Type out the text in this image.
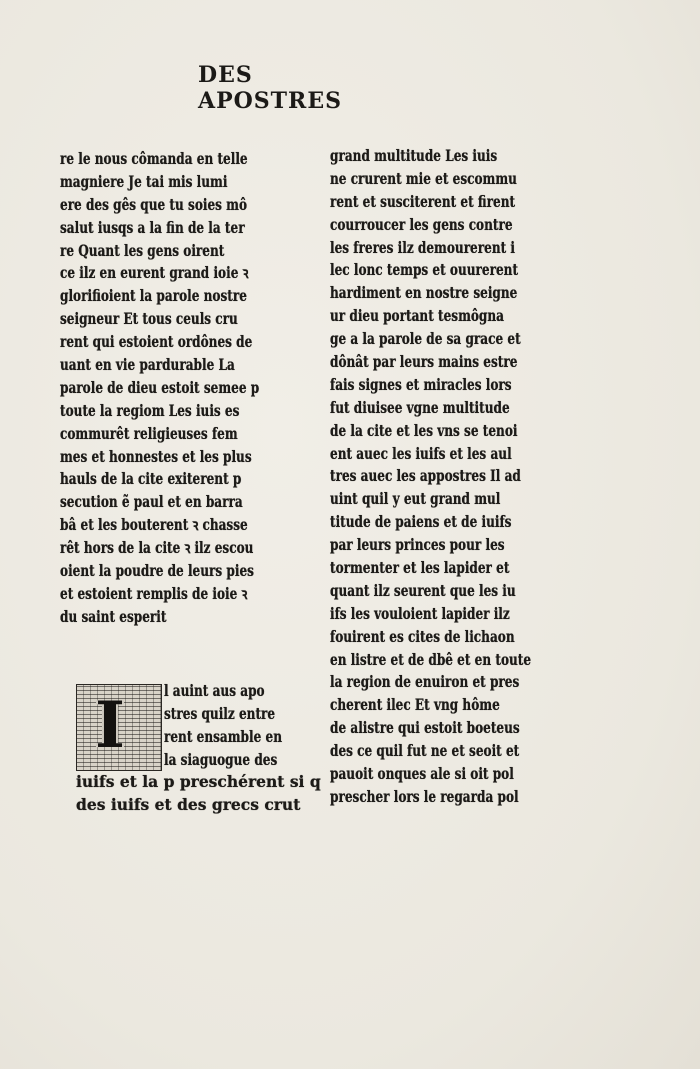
DES APOSTRES
re le nous cômanda en telle
magniere Je tai mis lumi
ere des gês que tu soies mô
salut iusqs a la fin de la ter
re Quant les gens oirent
ce ilz en eurent grand ioie ꝛ
glorifioient la parole nostre
seigneur Et tous ceuls cru
rent qui estoient ordônes de
uant en vie pardurable La
parole de dieu estoit semee p
toute la regiom Les iuis es
commurêt religieuses fem
mes et honnestes et les plus
hauls de la cite exiterent p
secution ẽ paul et en barra
bâ et les bouterent ꝛ chasse
rêt hors de la cite ꝛ ilz escou
oient la poudre de leurs pies
et estoient remplis de ioie ꝛ
du saint esperit
I	l auint aus apo
stres quilz entre
rent ensamble en
la siaguogue des
iuifs et la p preschérent si q
des iuifs et des grecs crut
grand multitude Les iuis
ne crurent mie et escommu
rent et susciterent et firent
courroucer les gens contre
les freres ilz demourerent i
lec lonc temps et ouurerent
hardiment en nostre seigne
ur dieu portant tesmôgna
ge a la parole de sa grace et
dônât par leurs mains estre
fais signes et miracles lors
fut diuisee vgne multitude
de la cite et les vns se tenoi
ent auec les iuifs et les aul
tres auec les appostres Il ad
uint quil y eut grand mul
titude de paiens et de iuifs
par leurs princes pour les
tormenter et les lapider et
quant ilz seurent que les iu
ifs les vouloient lapider ilz
fouirent es cites de lichaon
en listre et de dbê et en toute
la region de enuiron et pres
cherent ilec Et vng hôme
de alistre qui estoit boeteus
des ce quil fut ne et seoit et
pauoit onques ale si oit pol
prescher lors le regarda pol
